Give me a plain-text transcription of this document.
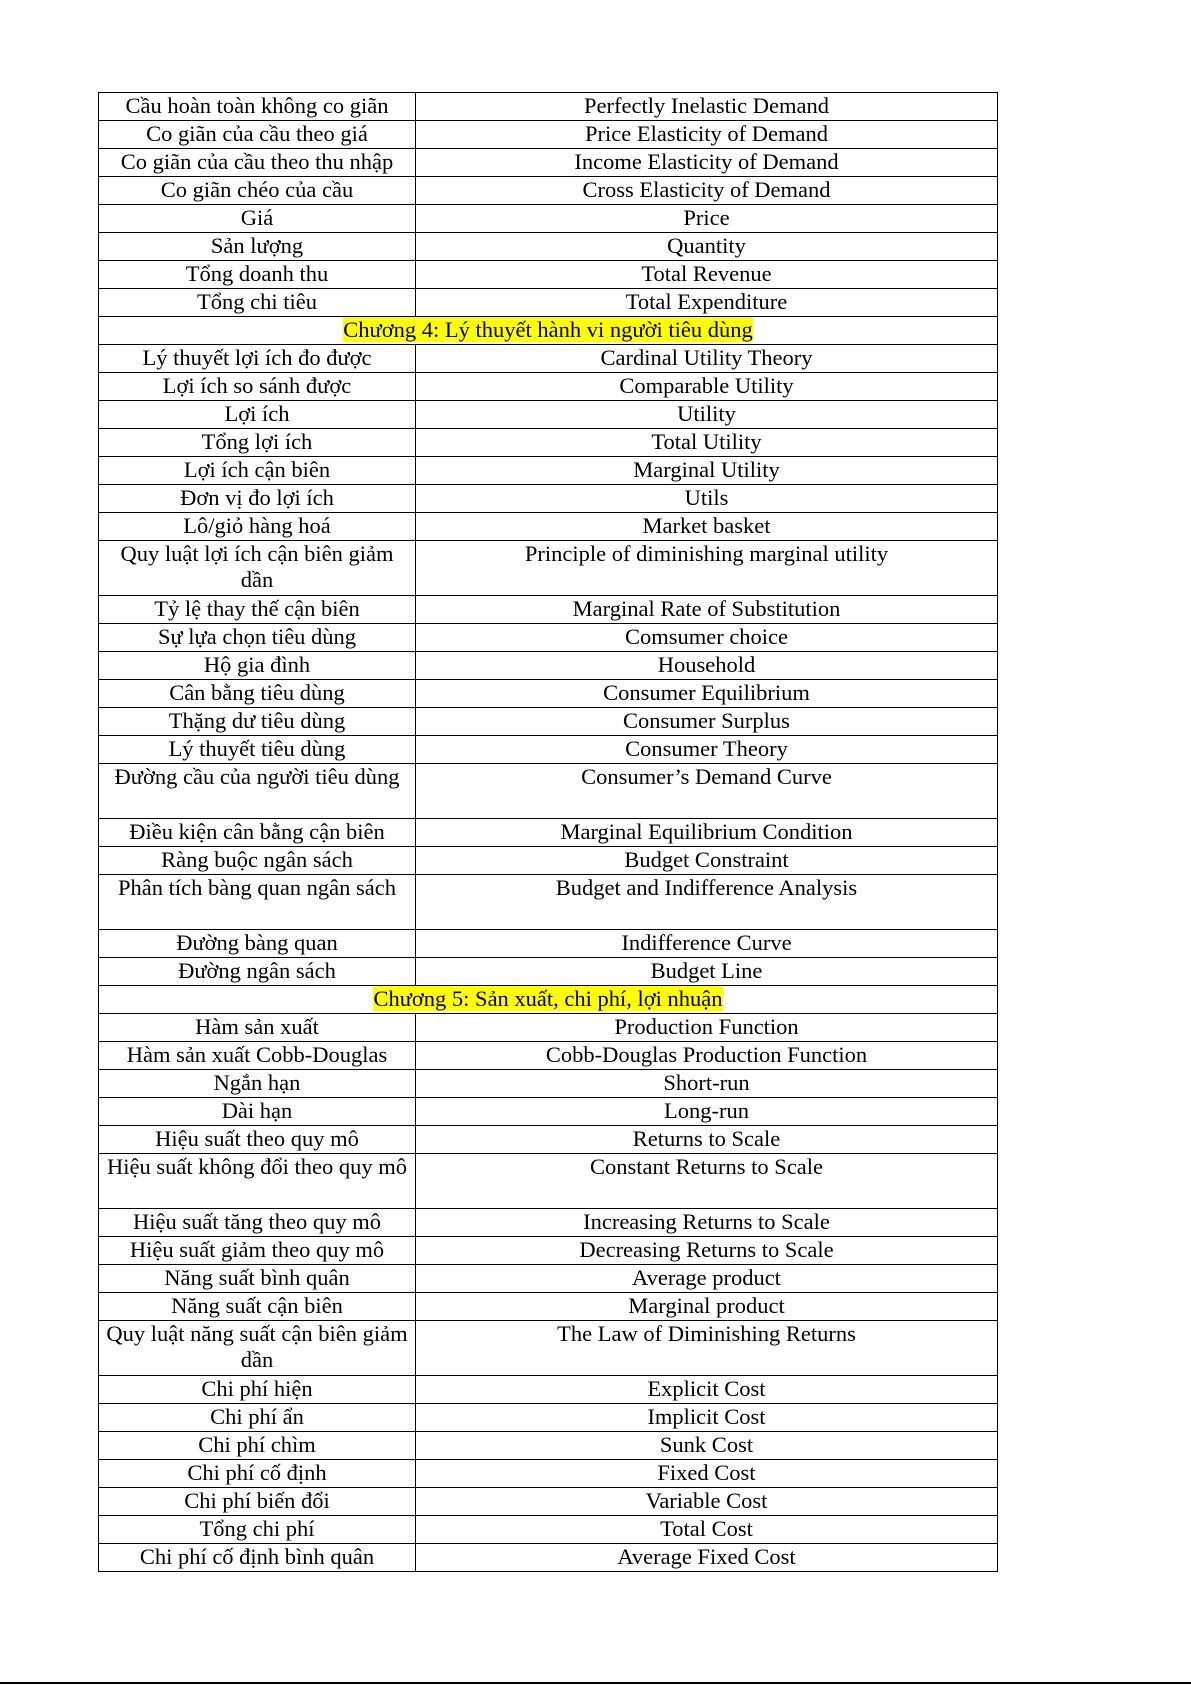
Cầu hoàn toàn không co giãn	Perfectly Inelastic Demand
Co giãn của cầu theo giá	Price Elasticity of Demand
Co giãn của cầu theo thu nhập	Income Elasticity of Demand
Co giãn chéo của cầu	Cross Elasticity of Demand
Giá	Price
Sản lượng	Quantity
Tổng doanh thu	Total Revenue
Tổng chi tiêu	Total Expenditure
Chương 4: Lý thuyết hành vi người tiêu dùng	
Lý thuyết lợi ích đo được	Cardinal Utility Theory
Lợi ích so sánh được	Comparable Utility
Lợi ích	Utility
Tổng lợi ích	Total Utility
Lợi ích cận biên	Marginal Utility
Đơn vị đo lợi ích	Utils
Lô/giỏ hàng hoá	Market basket
Quy luật lợi ích cận biên giảm dần	Principle of diminishing marginal utility
Tỷ lệ thay thế cận biên	Marginal Rate of Substitution
Sự lựa chọn tiêu dùng	Comsumer choice
Hộ gia đình	Household
Cân bằng tiêu dùng	Consumer Equilibrium
Thặng dư tiêu dùng	Consumer Surplus
Lý thuyết tiêu dùng	Consumer Theory
Đường cầu của người tiêu dùng	Consumer’s Demand Curve
Điều kiện cân bằng cận biên	Marginal Equilibrium Condition
Ràng buộc ngân sách	Budget Constraint
Phân tích bàng quan ngân sách	Budget and Indifference Analysis
Đường bàng quan	Indifference Curve
Đường ngân sách	Budget Line
Chương 5: Sản xuất, chi phí, lợi nhuận	
Hàm sản xuất	Production Function
Hàm sản xuất Cobb-Douglas	Cobb-Douglas Production Function
Ngắn hạn	Short-run
Dài hạn	Long-run
Hiệu suất theo quy mô	Returns to Scale
Hiệu suất không đổi theo quy mô	Constant Returns to Scale
Hiệu suất tăng theo quy mô	Increasing Returns to Scale
Hiệu suất giảm theo quy mô	Decreasing Returns to Scale
Năng suất bình quân	Average product
Năng suất cận biên	Marginal product
Quy luật năng suất cận biên giảm dần	The Law of Diminishing Returns
Chi phí hiện	Explicit Cost
Chi phí ẩn	Implicit Cost
Chi phí chìm	Sunk Cost
Chi phí cố định	Fixed Cost
Chi phí biến đổi	Variable Cost
Tổng chi phí	Total Cost
Chi phí cố định bình quân	Average Fixed Cost
